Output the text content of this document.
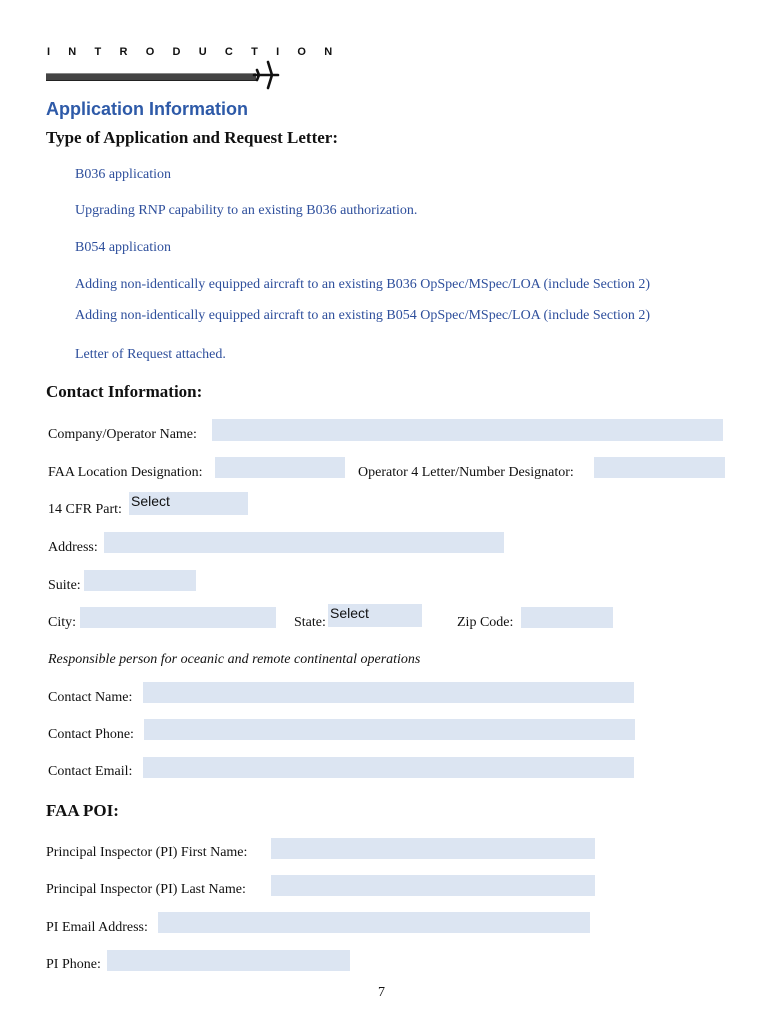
I N T R O D U C T I O N
Application Information
Type of Application and Request Letter:
B036 application
Upgrading RNP capability to an existing B036 authorization.
B054 application
Adding non-identically equipped aircraft to an existing B036 OpSpec/MSpec/LOA (include Section 2)
Adding non-identically equipped aircraft to an existing B054 OpSpec/MSpec/LOA (include Section 2)
Letter of Request attached.
Contact Information:
Company/Operator Name:
FAA Location Designation:	Operator 4 Letter/Number Designator:
14 CFR Part:
Select
Address:
Suite:
City:	State:
Select
Zip Code:
Responsible person for oceanic and remote continental operations
Contact Name:
Contact Phone:
Contact Email:
FAA POI:
Principal Inspector (PI) First Name:
Principal Inspector (PI) Last Name:
PI Email Address:
PI Phone:
7
